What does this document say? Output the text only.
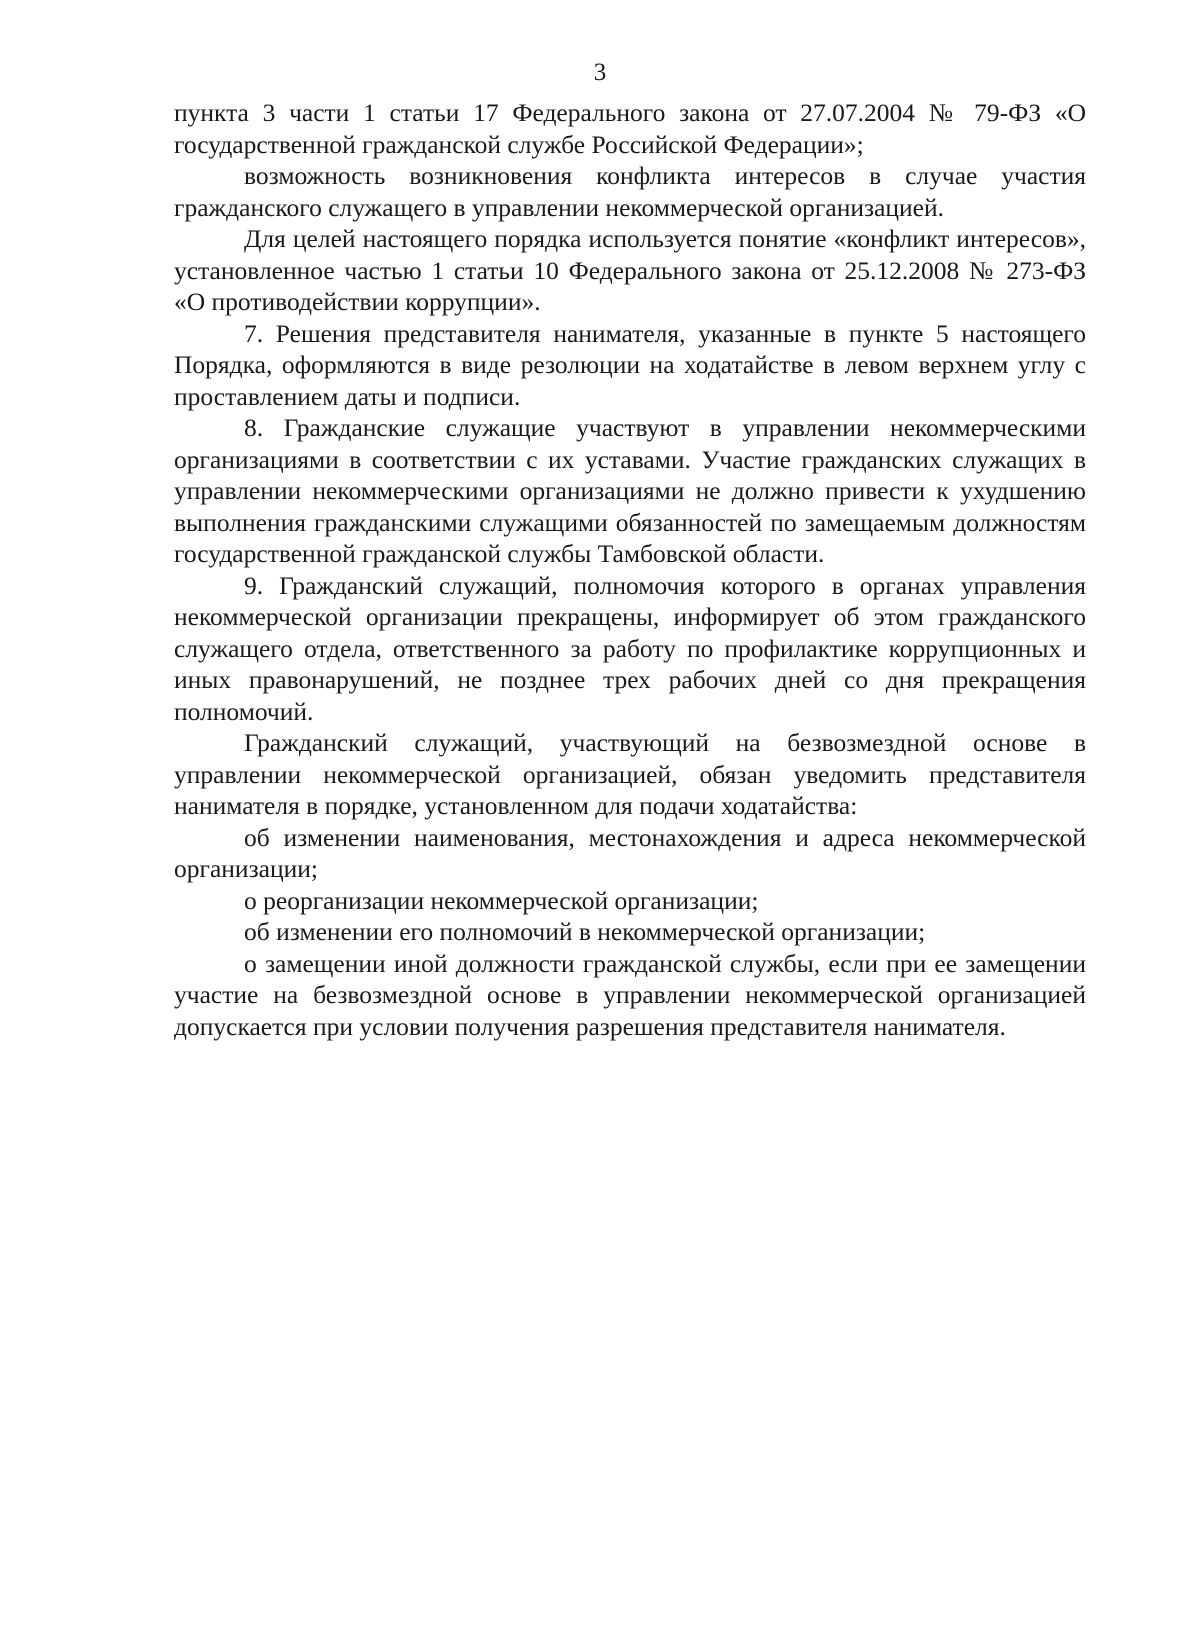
3

пункта 3 части 1 статьи 17 Федерального закона от 27.07.2004 № 79-ФЗ «О государственной гражданской службе Российской Федерации»;

возможность возникновения конфликта интересов в случае участия гражданского служащего в управлении некоммерческой организацией.

Для целей настоящего порядка используется понятие «конфликт интересов», установленное частью 1 статьи 10 Федерального закона от 25.12.2008 № 273-ФЗ «О противодействии коррупции».

7. Решения представителя нанимателя, указанные в пункте 5 настоящего Порядка, оформляются в виде резолюции на ходатайстве в левом верхнем углу с проставлением даты и подписи.

8. Гражданские служащие участвуют в управлении некоммерческими организациями в соответствии с их уставами. Участие гражданских служащих в управлении некоммерческими организациями не должно привести к ухудшению выполнения гражданскими служащими обязанностей по замещаемым должностям государственной гражданской службы Тамбовской области.

9. Гражданский служащий, полномочия которого в органах управления некоммерческой организации прекращены, информирует об этом гражданского служащего отдела, ответственного за работу по профилактике коррупционных и иных правонарушений, не позднее трех рабочих дней со дня прекращения полномочий.

Гражданский служащий, участвующий на безвозмездной основе в управлении некоммерческой организацией, обязан уведомить представителя нанимателя в порядке, установленном для подачи ходатайства:

об изменении наименования, местонахождения и адреса некоммерческой организации;

о реорганизации некоммерческой организации;

об изменении его полномочий в некоммерческой организации;

о замещении иной должности гражданской службы, если при ее замещении участие на безвозмездной основе в управлении некоммерческой организацией допускается при условии получения разрешения представителя нанимателя.
